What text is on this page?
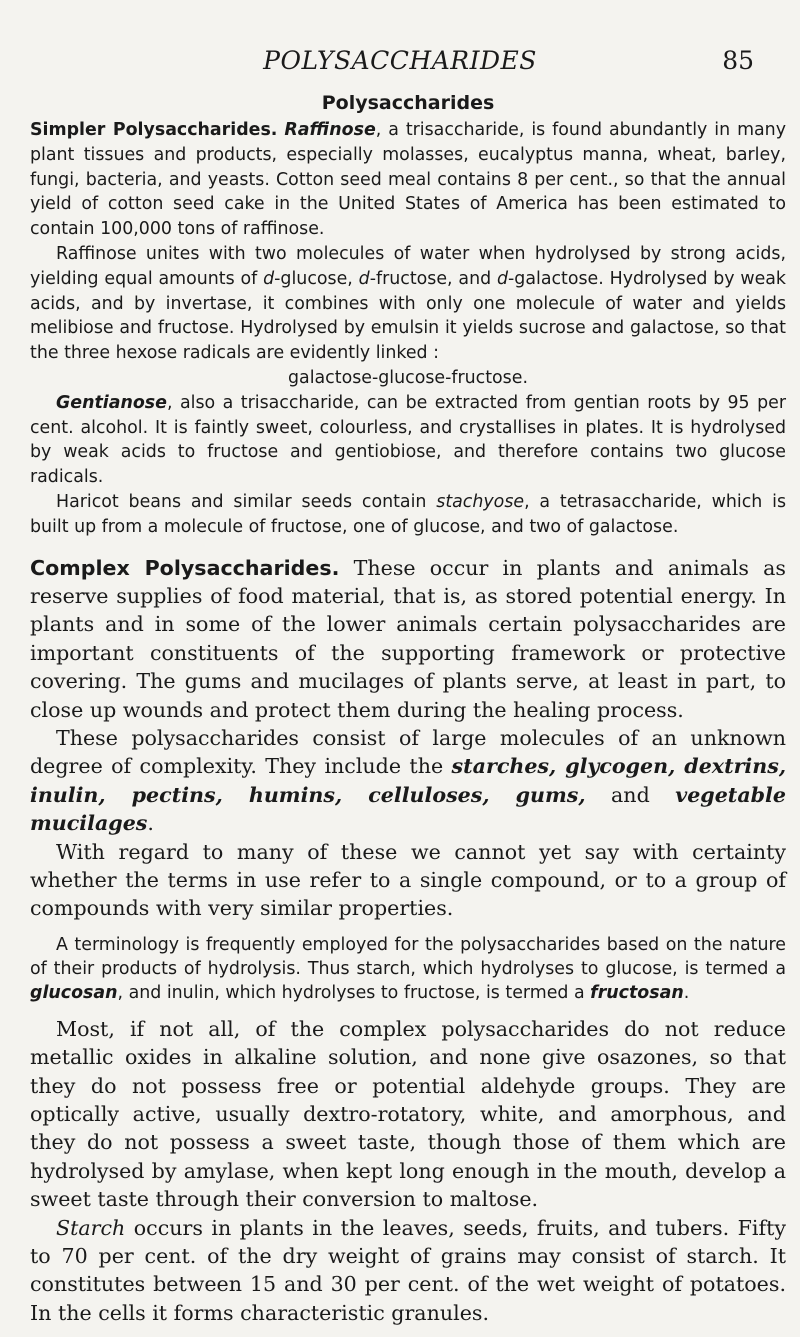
POLYSACCHARIDES	85
Polysaccharides

Simpler Polysaccharides. Raffinose, a trisaccharide, is found abundantly in many plant tissues and products, especially molasses, eucalyptus manna, wheat, barley, fungi, bacteria, and yeasts. Cotton seed meal contains 8 per cent., so that the annual yield of cotton seed cake in the United States of America has been estimated to contain 100,000 tons of raffinose.

Raffinose unites with two molecules of water when hydrolysed by strong acids, yielding equal amounts of d-glucose, d-fructose, and d-galactose. Hydrolysed by weak acids, and by invertase, it combines with only one molecule of water and yields melibiose and fructose. Hydrolysed by emulsin it yields sucrose and galactose, so that the three hexose radicals are evidently linked :

galactose-glucose-fructose.

Gentianose, also a trisaccharide, can be extracted from gentian roots by 95 per cent. alcohol. It is faintly sweet, colourless, and crystallises in plates. It is hydrolysed by weak acids to fructose and gentiobiose, and therefore contains two glucose radicals.

Haricot beans and similar seeds contain stachyose, a tetrasaccharide, which is built up from a molecule of fructose, one of glucose, and two of galactose.

Complex Polysaccharides. These occur in plants and animals as reserve supplies of food material, that is, as stored potential energy. In plants and in some of the lower animals certain polysaccharides are important constituents of the supporting framework or protective covering. The gums and mucilages of plants serve, at least in part, to close up wounds and protect them during the healing process.

These polysaccharides consist of large molecules of an unknown degree of complexity. They include the starches, glycogen, dextrins, inulin, pectins, humins, celluloses, gums, and vegetable mucilages.

With regard to many of these we cannot yet say with certainty whether the terms in use refer to a single compound, or to a group of compounds with very similar properties.

A terminology is frequently employed for the polysaccharides based on the nature of their products of hydrolysis. Thus starch, which hydrolyses to glucose, is termed a glucosan, and inulin, which hydrolyses to fructose, is termed a fructosan.

Most, if not all, of the complex polysaccharides do not reduce metallic oxides in alkaline solution, and none give osazones, so that they do not possess free or potential aldehyde groups. They are optically active, usually dextro-rotatory, white, and amorphous, and they do not possess a sweet taste, though those of them which are hydrolysed by amylase, when kept long enough in the mouth, develop a sweet taste through their conversion to maltose.

Starch occurs in plants in the leaves, seeds, fruits, and tubers. Fifty to 70 per cent. of the dry weight of grains may consist of starch. It constitutes between 15 and 30 per cent. of the wet weight of potatoes. In the cells it forms characteristic granules.
